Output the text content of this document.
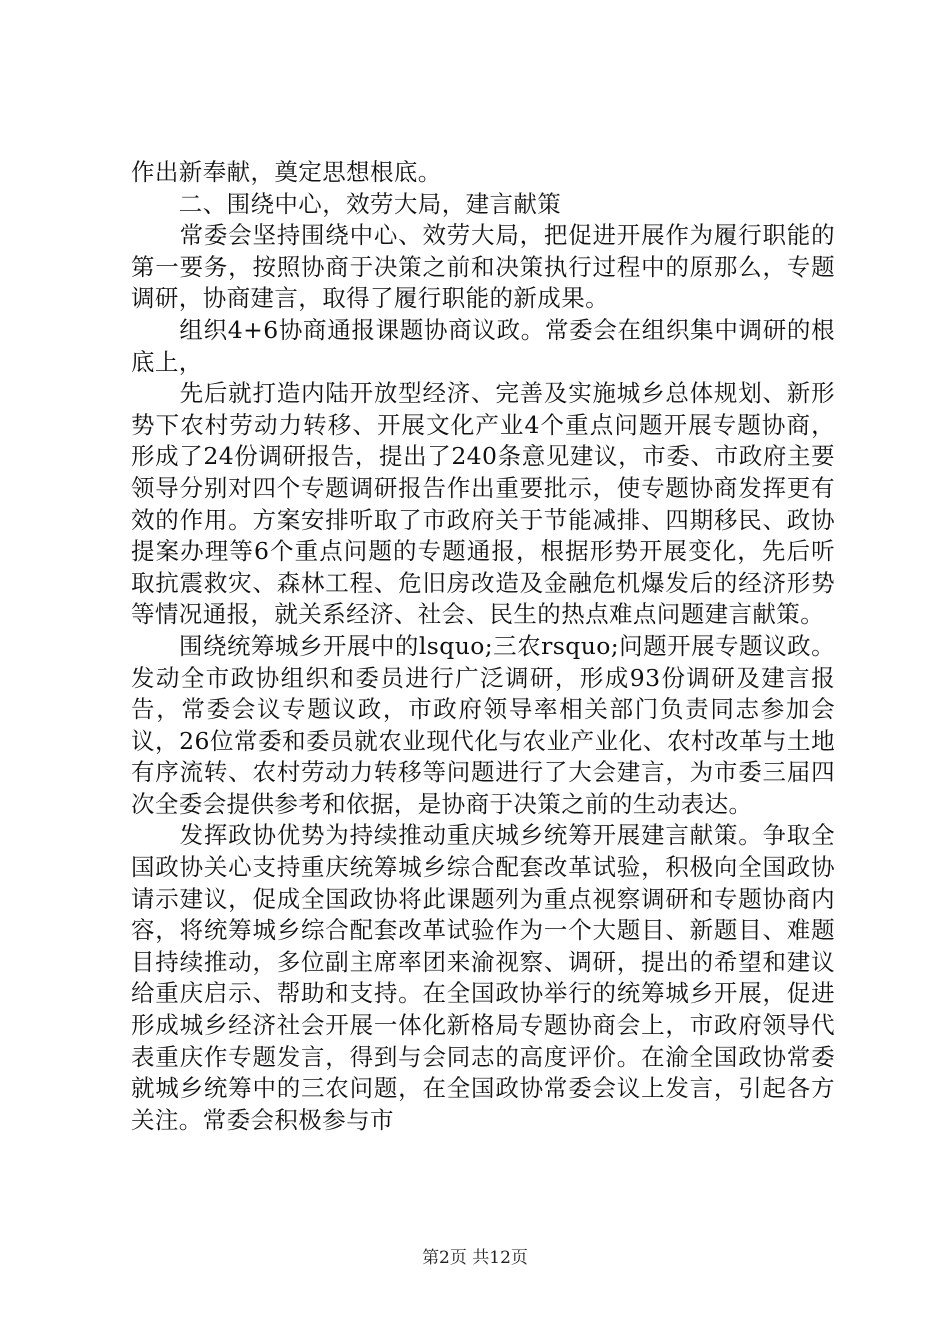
作出新奉献，奠定思想根底。

　　二、围绕中心，效劳大局，建言献策

　　常委会坚持围绕中心、效劳大局，把促进开展作为履行职能的第一要务，按照协商于决策之前和决策执行过程中的原那么，专题调研，协商建言，取得了履行职能的新成果。

　　组织4+6协商通报课题协商议政。常委会在组织集中调研的根底上，

　　先后就打造内陆开放型经济、完善及实施城乡总体规划、新形势下农村劳动力转移、开展文化产业4个重点问题开展专题协商，形成了24份调研报告，提出了240条意见建议，市委、市政府主要领导分别对四个专题调研报告作出重要批示，使专题协商发挥更有效的作用。方案安排听取了市政府关于节能减排、四期移民、政协提案办理等6个重点问题的专题通报，根据形势开展变化，先后听取抗震救灾、森林工程、危旧房改造及金融危机爆发后的经济形势等情况通报，就关系经济、社会、民生的热点难点问题建言献策。

　　围绕统筹城乡开展中的lsquo;三农rsquo;问题开展专题议政。发动全市政协组织和委员进行广泛调研，形成93份调研及建言报告，常委会议专题议政，市政府领导率相关部门负责同志参加会议，26位常委和委员就农业现代化与农业产业化、农村改革与土地有序流转、农村劳动力转移等问题进行了大会建言，为市委三届四次全委会提供参考和依据，是协商于决策之前的生动表达。

　　发挥政协优势为持续推动重庆城乡统筹开展建言献策。争取全国政协关心支持重庆统筹城乡综合配套改革试验，积极向全国政协请示建议，促成全国政协将此课题列为重点视察调研和专题协商内容，将统筹城乡综合配套改革试验作为一个大题目、新题目、难题目持续推动，多位副主席率团来渝视察、调研，提出的希望和建议给重庆启示、帮助和支持。在全国政协举行的统筹城乡开展，促进形成城乡经济社会开展一体化新格局专题协商会上，市政府领导代表重庆作专题发言，得到与会同志的高度评价。在渝全国政协常委就城乡统筹中的三农问题，在全国政协常委会议上发言，引起各方关注。常委会积极参与市

第2页 共12页
